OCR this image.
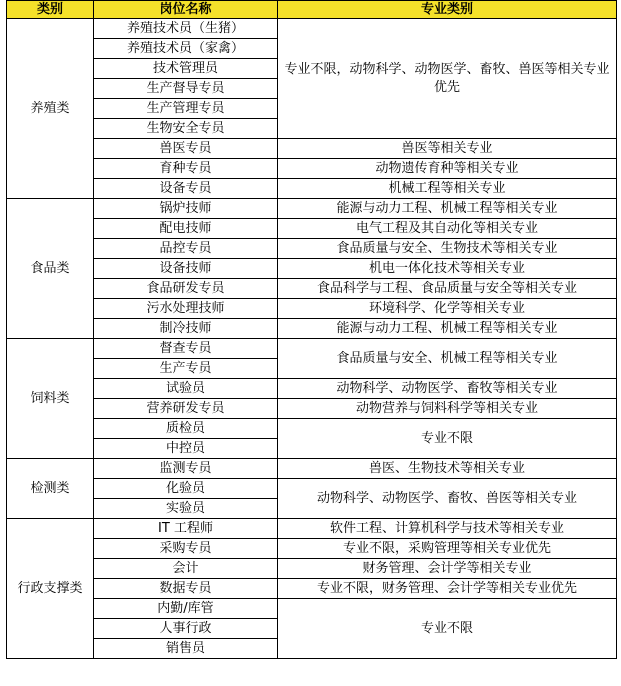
类别	岗位名称	专业类别
养殖类	养殖技术员（生猪）	专业不限，动物科学、动物医学、畜牧、兽医等相关专业优先
	养殖技术员（家禽）	
	技术管理员	
	生产督导专员	
	生产管理专员	
	生物安全专员	
	兽医专员	兽医等相关专业
	育种专员	动物遗传育种等相关专业
	设备专员	机械工程等相关专业
食品类	锅炉技师	能源与动力工程、机械工程等相关专业
	配电技师	电气工程及其自动化等相关专业
	品控专员	食品质量与安全、生物技术等相关专业
	设备技师	机电一体化技术等相关专业
	食品研发专员	食品科学与工程、食品质量与安全等相关专业
	污水处理技师	环境科学、化学等相关专业
	制冷技师	能源与动力工程、机械工程等相关专业
饲料类	督查专员	食品质量与安全、机械工程等相关专业
	生产专员	
	试验员	动物科学、动物医学、畜牧等相关专业
	营养研发专员	动物营养与饲料科学等相关专业
	质检员	专业不限
	中控员	
检测类	监测专员	兽医、生物技术等相关专业
	化验员	动物科学、动物医学、畜牧、兽医等相关专业
	实验员	
行政支撑类	IT 工程师	软件工程、计算机科学与技术等相关专业
	采购专员	专业不限，采购管理等相关专业优先
	会计	财务管理、会计学等相关专业
	数据专员	专业不限，财务管理、会计学等相关专业优先
	内勤/库管	专业不限
	人事行政	
	销售员	
